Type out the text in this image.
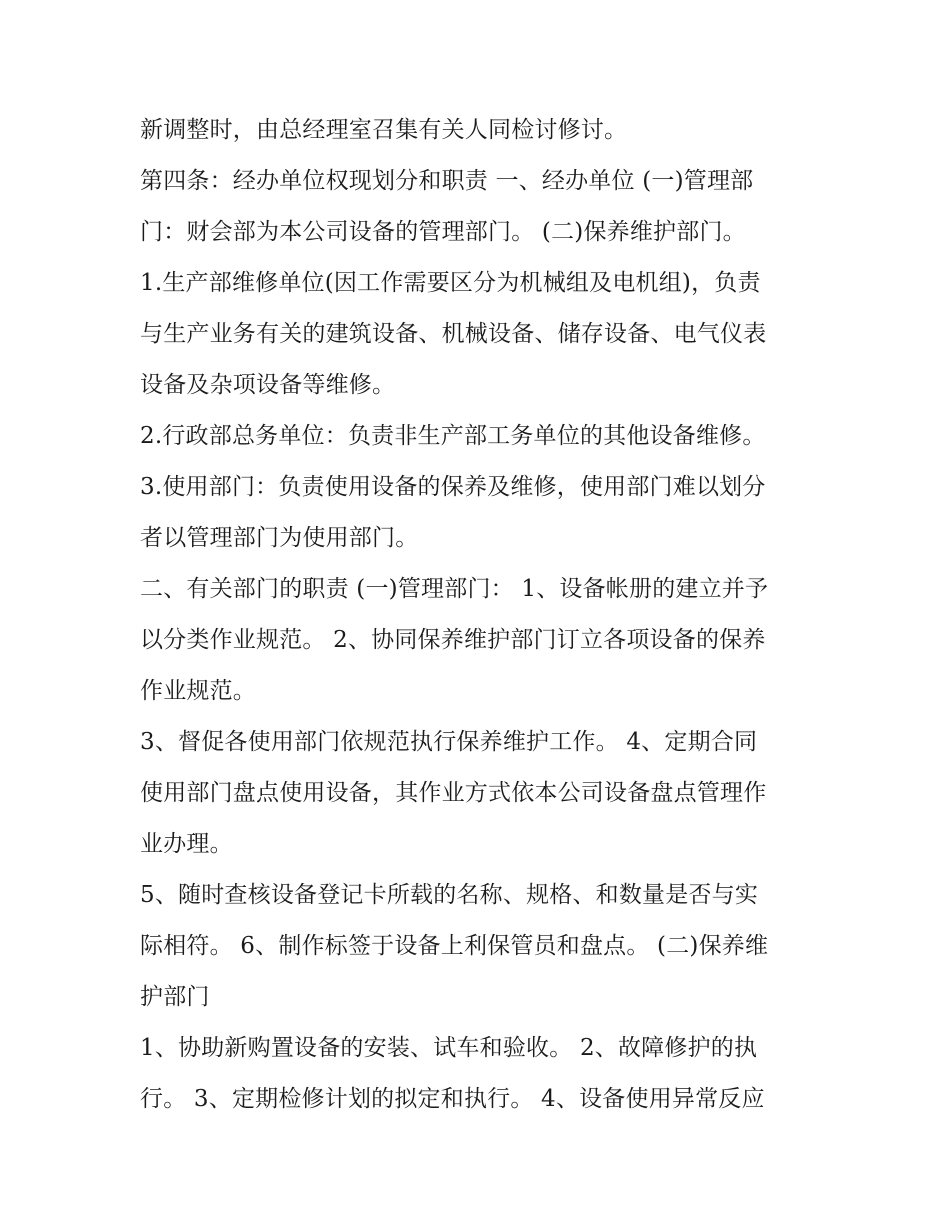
新调整时，由总经理室召集有关人同检讨修讨。
第四条：经办单位权现划分和职责 一、经办单位 (一)管理部
门：财会部为本公司设备的管理部门。 (二)保养维护部门。
1.生产部维修单位(因工作需要区分为机械组及电机组)，负责
与生产业务有关的建筑设备、机械设备、储存设备、电气仪表
设备及杂项设备等维修。
2.行政部总务单位：负责非生产部工务单位的其他设备维修。
3.使用部门：负责使用设备的保养及维修，使用部门难以划分
者以管理部门为使用部门。
二、有关部门的职责 (一)管理部门： 1、设备帐册的建立并予
以分类作业规范。 2、协同保养维护部门订立各项设备的保养
作业规范。
3、督促各使用部门依规范执行保养维护工作。 4、定期合同
使用部门盘点使用设备，其作业方式依本公司设备盘点管理作
业办理。
5、随时查核设备登记卡所载的名称、规格、和数量是否与实
际相符。 6、制作标签于设备上利保管员和盘点。 (二)保养维
护部门
1、协助新购置设备的安装、试车和验收。 2、故障修护的执
行。 3、定期检修计划的拟定和执行。 4、设备使用异常反应
